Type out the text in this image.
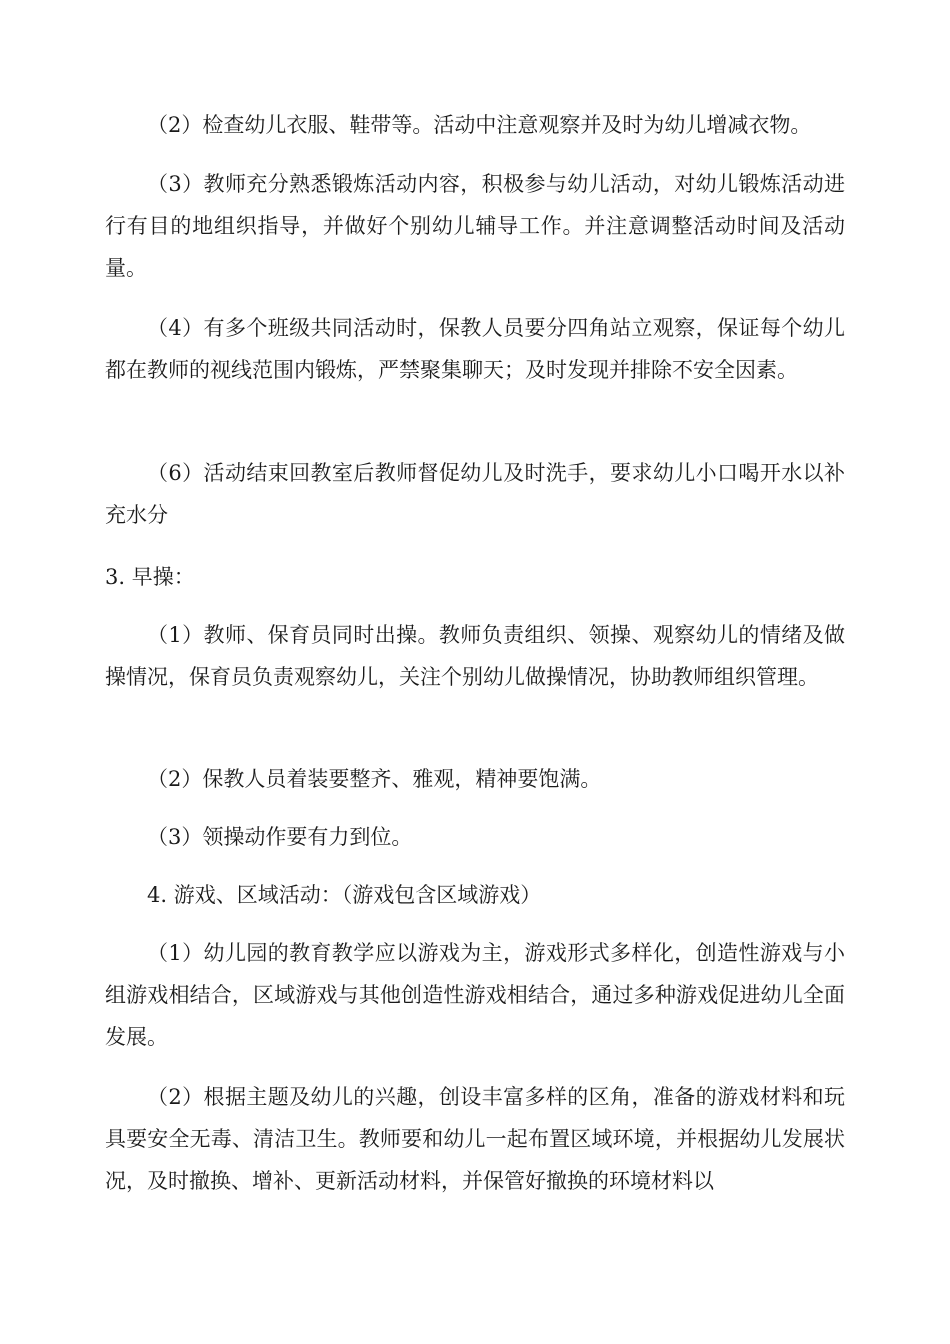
（2）检查幼儿衣服、鞋带等。活动中注意观察并及时为幼儿增减衣物。

（3）教师充分熟悉锻炼活动内容，积极参与幼儿活动，对幼儿锻炼活动进行有目的地组织指导，并做好个别幼儿辅导工作。并注意调整活动时间及活动量。

（4）有多个班级共同活动时，保教人员要分四角站立观察，保证每个幼儿都在教师的视线范围内锻炼，严禁聚集聊天；及时发现并排除不安全因素。

（6）活动结束回教室后教师督促幼儿及时洗手，要求幼儿小口喝开水以补充水分

3. 早操：

（1）教师、保育员同时出操。教师负责组织、领操、观察幼儿的情绪及做操情况，保育员负责观察幼儿，关注个别幼儿做操情况，协助教师组织管理。

（2）保教人员着装要整齐、雅观，精神要饱满。

（3）领操动作要有力到位。

4. 游戏、区域活动：（游戏包含区域游戏）

（1）幼儿园的教育教学应以游戏为主，游戏形式多样化，创造性游戏与小组游戏相结合，区域游戏与其他创造性游戏相结合，通过多种游戏促进幼儿全面发展。

（2）根据主题及幼儿的兴趣，创设丰富多样的区角，准备的游戏材料和玩具要安全无毒、清洁卫生。教师要和幼儿一起布置区域环境，并根据幼儿发展状况，及时撤换、增补、更新活动材料，并保管好撤换的环境材料以
